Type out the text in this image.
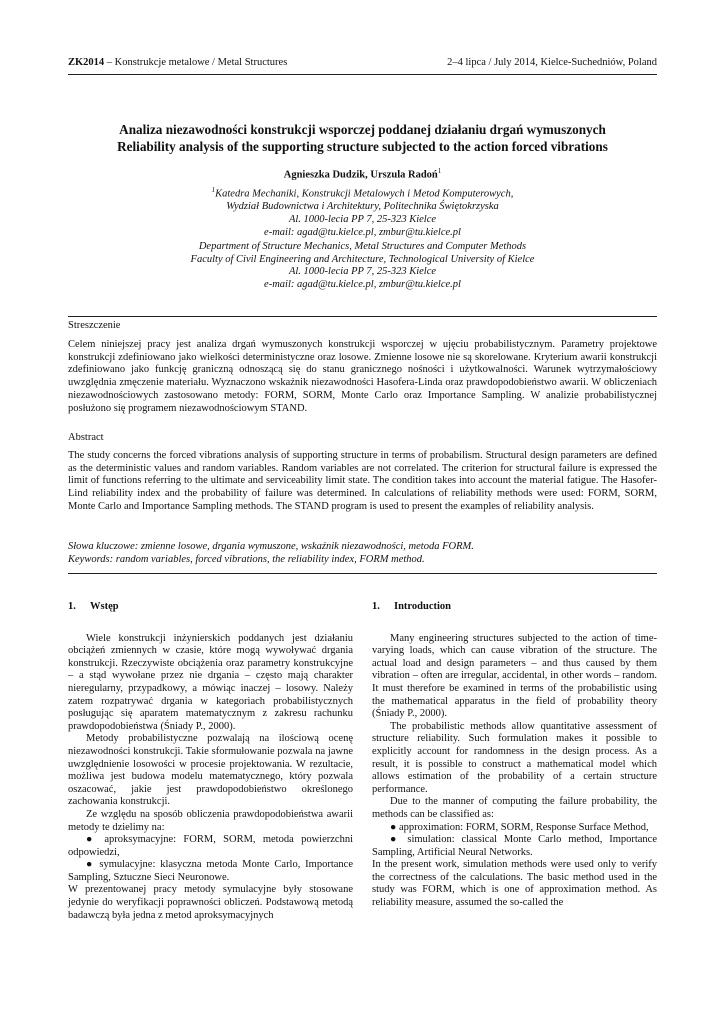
ZK2014 – Konstrukcje metalowe / Metal Structures	2–4 lipca / July 2014, Kielce-Suchedniów, Poland
Analiza niezawodności konstrukcji wsporczej poddanej działaniu drgań wymuszonych
Reliability analysis of the supporting structure subjected to the action forced vibrations
Agnieszka Dudzik, Urszula Radoń$^1$
$^1$Katedra Mechaniki, Konstrukcji Metalowych i Metod Komputerowych,
Wydział Budownictwa i Architektury, Politechnika Świętokrzyska
Al. 1000-lecia PP 7, 25-323 Kielce
e-mail: agad@tu.kielce.pl, zmbur@tu.kielce.pl
Department of Structure Mechanics, Metal Structures and Computer Methods
Faculty of Civil Engineering and Architecture, Technological University of Kielce
Al. 1000-lecia PP 7, 25-323 Kielce
e-mail: agad@tu.kielce.pl, zmbur@tu.kielce.pl
Streszczenie

Celem niniejszej pracy jest analiza drgań wymuszonych konstrukcji wsporczej w ujęciu probabilistycznym. Parametry projektowe konstrukcji zdefiniowano jako wielkości deterministyczne oraz losowe. Zmienne losowe nie są skorelowane. Kryterium awarii konstrukcji zdefiniowano jako funkcję graniczną odnoszącą się do stanu granicznego nośności i użytkowalności. Warunek wytrzymałościowy uwzględnia zmęczenie materiału. Wyznaczono wskaźnik niezawodności Hasofera-Linda oraz prawdopodobieństwo awarii. W obliczeniach niezawodnościowych zastosowano metody: FORM, SORM, Monte Carlo oraz Importance Sampling. W analizie probabilistycznej posłużono się programem niezawodnościowym STAND.

Abstract

The study concerns the forced vibrations analysis of supporting structure in terms of probabilism. Structural design parameters are defined as the deterministic values and random variables. Random variables are not correlated. The criterion for structural failure is expressed the limit of functions referring to the ultimate and serviceability limit state. The condition takes into account the material fatigue. The Hasofer-Lind reliability index and the probability of failure was determined. In calculations of reliability methods were used: FORM, SORM, Monte Carlo and Importance Sampling methods. The STAND program is used to present the examples of reliability analysis.

Słowa kluczowe: zmienne losowe, drgania wymuszone, wskaźnik niezawodności, metoda FORM.
Keywords: random variables, forced vibrations, the reliability index, FORM method.
1. Wstęp

Wiele konstrukcji inżynierskich poddanych jest działaniu obciążeń zmiennych w czasie, które mogą wywoływać drgania konstrukcji. Rzeczywiste obciążenia oraz parametry konstrukcyjne – a stąd wywołane przez nie drgania – często mają charakter nieregularny, przypadkowy, a mówiąc inaczej – losowy. Należy zatem rozpatrywać drgania w kategoriach probabilistycznych posługując się aparatem matematycznym z zakresu rachunku prawdopodobieństwa (Śniady P., 2000).

Metody probabilistyczne pozwalają na ilościową ocenę niezawodności konstrukcji. Takie sformułowanie pozwala na jawne uwzględnienie losowości w procesie projektowania. W rezultacie, możliwa jest budowa modelu matematycznego, który pozwala oszacować, jakie jest prawdopodobieństwo określonego zachowania konstrukcji.

Ze względu na sposób obliczenia prawdopodobieństwa awarii metody te dzielimy na:

● aproksymacyjne: FORM, SORM, metoda powierzchni odpowiedzi,

● symulacyjne: klasyczna metoda Monte Carlo, Importance Sampling, Sztuczne Sieci Neuronowe.

W prezentowanej pracy metody symulacyjne były stosowane jedynie do weryfikacji poprawności obliczeń. Podstawową metodą badawczą była jedna z metod aproksymacyjnych

1. Introduction

Many engineering structures subjected to the action of time-varying loads, which can cause vibration of the structure. The actual load and design parameters – and thus caused by them vibration – often are irregular, accidental, in other words – random. It must therefore be examined in terms of the probabilistic using the mathematical apparatus in the field of probability theory (Śniady P., 2000).

The probabilistic methods allow quantitative assessment of structure reliability. Such formulation makes it possible to explicitly account for randomness in the design process. As a result, it is possible to construct a mathematical model which allows estimation of the probability of a certain structure performance.

Due to the manner of computing the failure probability, the methods can be classified as:

● approximation: FORM, SORM, Response Surface Method,

● simulation: classical Monte Carlo method, Importance Sampling, Artificial Neural Networks.

In the present work, simulation methods were used only to verify the correctness of the calculations. The basic method used in the study was FORM, which is one of approximation method. As reliability measure, assumed the so-called the
